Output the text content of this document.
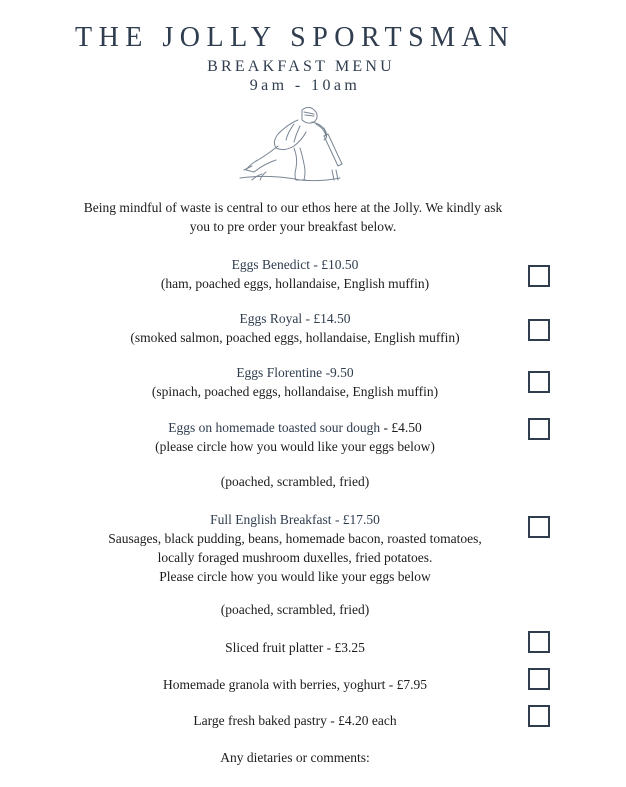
THE JOLLY SPORTSMAN
BREAKFAST MENU
9am - 10am
Being mindful of waste is central to our ethos here at the Jolly. We kindly ask you to pre order your breakfast below.
Eggs Benedict - £10.50
(ham, poached eggs, hollandaise, English muffin)
Eggs Royal - £14.50
(smoked salmon, poached eggs, hollandaise, English muffin)
Eggs Florentine -9.50
(spinach, poached eggs, hollandaise, English muffin)
Eggs on homemade toasted sour dough - £4.50
(please circle how you would like your eggs below)
(poached, scrambled, fried)
Full English Breakfast - £17.50
Sausages, black pudding, beans, homemade bacon, roasted tomatoes,
locally foraged mushroom duxelles, fried potatoes.
Please circle how you would like your eggs below
(poached, scrambled, fried)
Sliced fruit platter - £3.25
Homemade granola with berries, yoghurt - £7.95
Large fresh baked pastry - £4.20 each
Any dietaries or comments:
